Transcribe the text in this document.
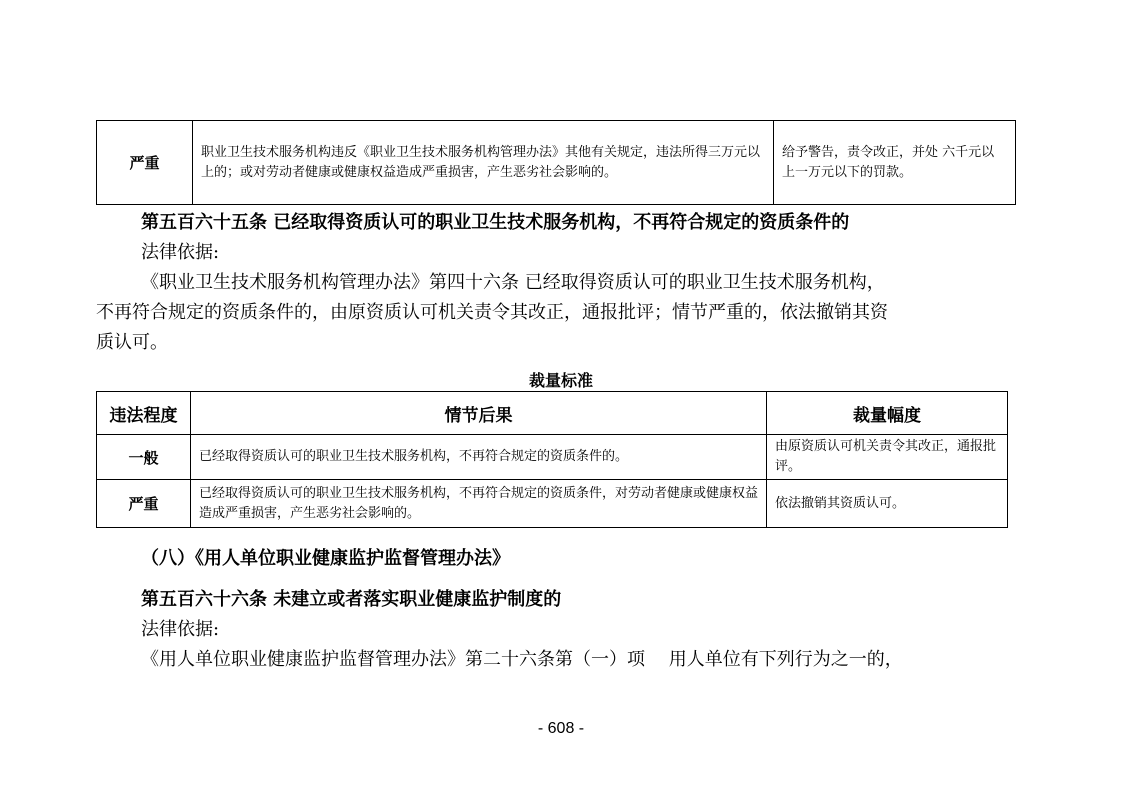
严重	职业卫生技术服务机构违反《职业卫生技术服务机构管理办法》其他有关规定，违法所得三万元以上的；或对劳动者健康或健康权益造成严重损害，产生恶劣社会影响的。	给予警告，责令改正，并处 六千元以上一万元以下的罚款。

第五百六十五条 已经取得资质认可的职业卫生技术服务机构，不再符合规定的资质条件的

法律依据:

《职业卫生技术服务机构管理办法》第四十六条 已经取得资质认可的职业卫生技术服务机构，

不再符合规定的资质条件的，由原资质认可机关责令其改正，通报批评；情节严重的，依法撤销其资

质认可。

裁量标准
违法程度	情节后果	裁量幅度
一般	已经取得资质认可的职业卫生技术服务机构，不再符合规定的资质条件的。	由原资质认可机关责令其改正，通报批评。
严重	已经取得资质认可的职业卫生技术服务机构，不再符合规定的资质条件，对劳动者健康或健康权益造成严重损害，产生恶劣社会影响的。	依法撤销其资质认可。

（八）《用人单位职业健康监护监督管理办法》

第五百六十六条 未建立或者落实职业健康监护制度的

法律依据:

《用人单位职业健康监护监督管理办法》第二十六条第（一）项　 用人单位有下列行为之一的，

- 608 -
